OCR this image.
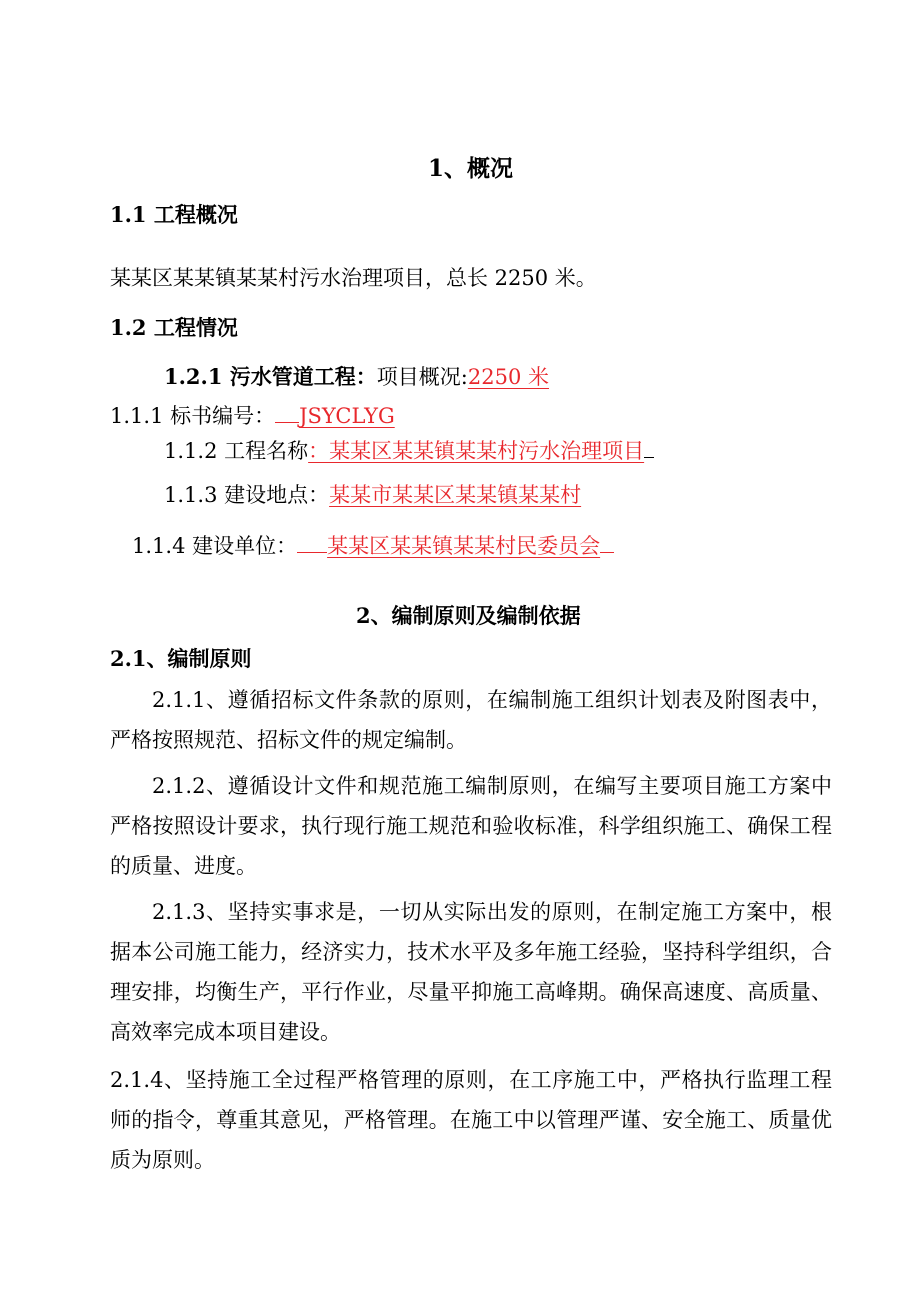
1、概况
1.1 工程概况
某某区某某镇某某村污水治理项目，总长 2250 米。
1.2 工程情况
1.2.1 污水管道工程：项目概况:2250 米
1.1.1 标书编号： JSYCLYG
1.1.2 工程名称：某某区某某镇某某村污水治理项目
1.1.3 建设地点：某某市某某区某某镇某某村
1.1.4 建设单位： 某某区某某镇某某村民委员会
2、编制原则及编制依据
2.1、编制原则
2.1.1、遵循招标文件条款的原则，在编制施工组织计划表及附图表中，严格按照规范、招标文件的规定编制。
2.1.2、遵循设计文件和规范施工编制原则，在编写主要项目施工方案中严格按照设计要求，执行现行施工规范和验收标准，科学组织施工、确保工程的质量、进度。
2.1.3、坚持实事求是，一切从实际出发的原则，在制定施工方案中，根据本公司施工能力，经济实力，技术水平及多年施工经验，坚持科学组织，合理安排，均衡生产，平行作业，尽量平抑施工高峰期。确保高速度、高质量、高效率完成本项目建设。
2.1.4、坚持施工全过程严格管理的原则，在工序施工中，严格执行监理工程师的指令，尊重其意见，严格管理。在施工中以管理严谨、安全施工、质量优质为原则。
